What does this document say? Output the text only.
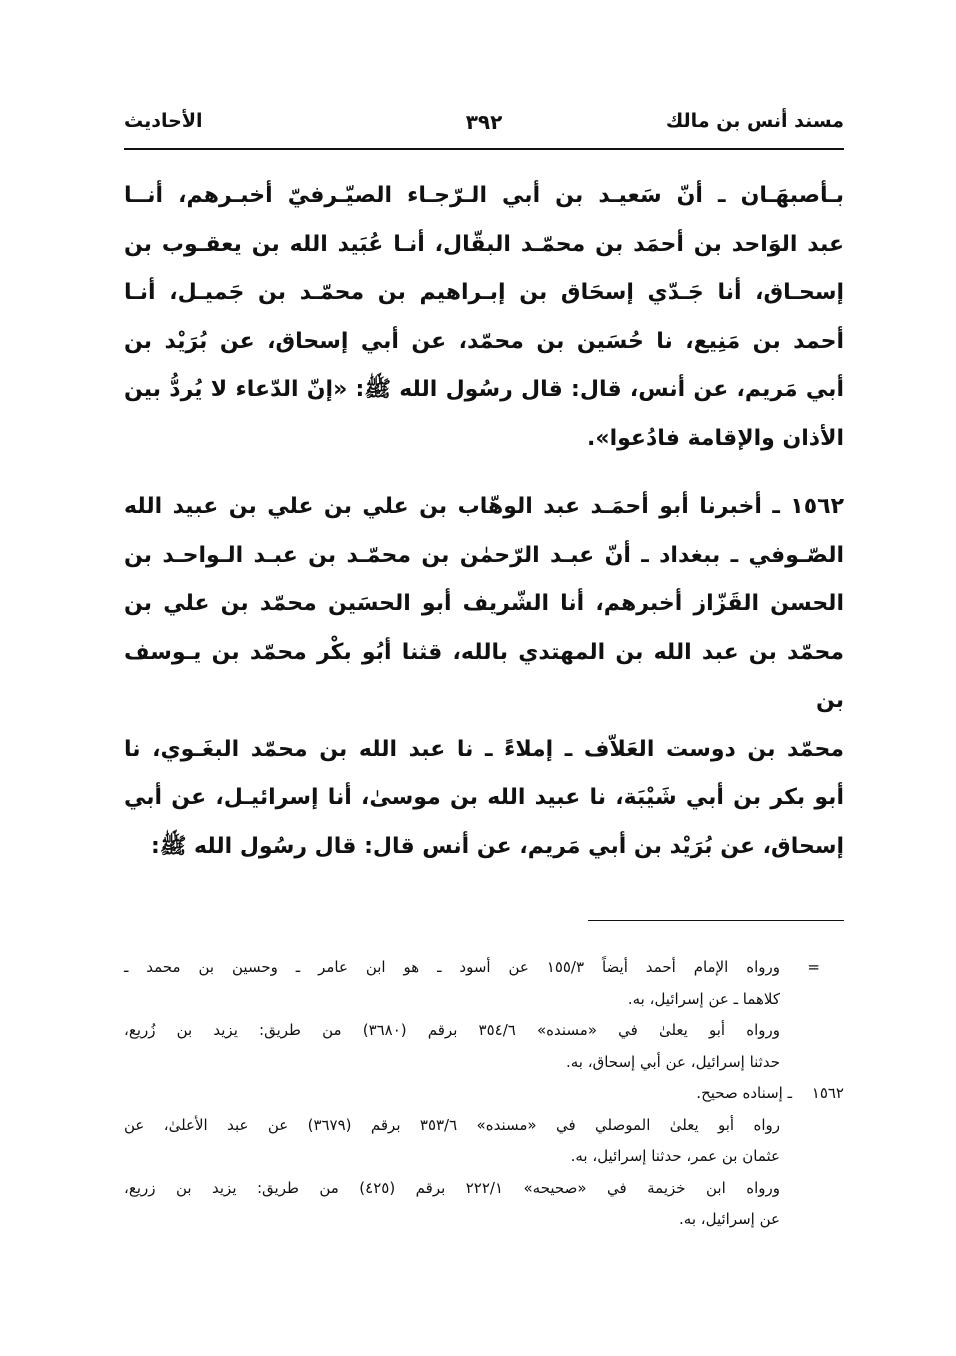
مسند أنس بن مالك
٣٩٢
الأحاديث

بـأصبهَـان ـ أنّ سَعيـد بن أبي الـرّجـاء الصيّـرفيّ أخبـرهم، أنــا
عبد الوَاحد بن أحمَد بن محمّـد البقّال، أنـا عُبَيد الله بن يعقـوب بن
إسحـاق، أنا جَـدّي إسحَاق بن إبـراهيم بن محمّـد بن جَميـل، أنـا
أحمد بن مَنِيع، نا حُسَين بن محمّد، عن أبي إسحاق، عن بُرَيْد بن
أبي مَريم، عن أنس، قال: قال رسُول الله ﷺ: «إنّ الدّعاء لا يُردُّ بين
الأذان والإقامة فادُعوا».

١٥٦٢ ـ أخبرنا أبو أحمَـد عبد الوهّاب بن علي بن علي بن عبيد الله
الصّـوفي ـ ببغداد ـ أنّ عبـد الرّحمٰن بن محمّـد بن عبـد الـواحـد بن
الحسن القَزّاز أخبرهم، أنا الشّريف أبو الحسَين محمّد بن علي بن
محمّد بن عبد الله بن المهتدي بالله، قثنا أبُو بكْر محمّد بن يـوسف بن
محمّد بن دوست العَلاّف ـ إملاءً ـ نا عبد الله بن محمّد البغَـوي، نا
أبو بكر بن أبي شَيْبَة، نا عبيد الله بن موسىٰ، أنا إسرائيـل، عن أبي
إسحاق، عن بُرَيْد بن أبي مَريم، عن أنس قال: قال رسُول الله ﷺ:

=
ورواه الإمام أحمد أيضاً ١٥٥/٣ عن أسود ـ هو ابن عامر ـ وحسين بن محمد ـ
كلاهما ـ عن إسرائيل، به.
ورواه أبو يعلىٰ في «مسنده» ٣٥٤/٦ برقم (٣٦٨٠) من طريق: يزيد بن زُريع،
حدثنا إسرائيل، عن أبي إسحاق، به.
١٥٦٢
ـ إسناده صحيح.
رواه أبو يعلىٰ الموصلي في «مسنده» ٣٥٣/٦ برقم (٣٦٧٩) عن عبد الأعلىٰ، عن
عثمان بن عمر، حدثنا إسرائيل، به.
ورواه ابن خزيمة في «صحيحه» ٢٢٢/١ برقم (٤٢٥) من طريق: يزيد بن زريع،
عن إسرائيل، به.
